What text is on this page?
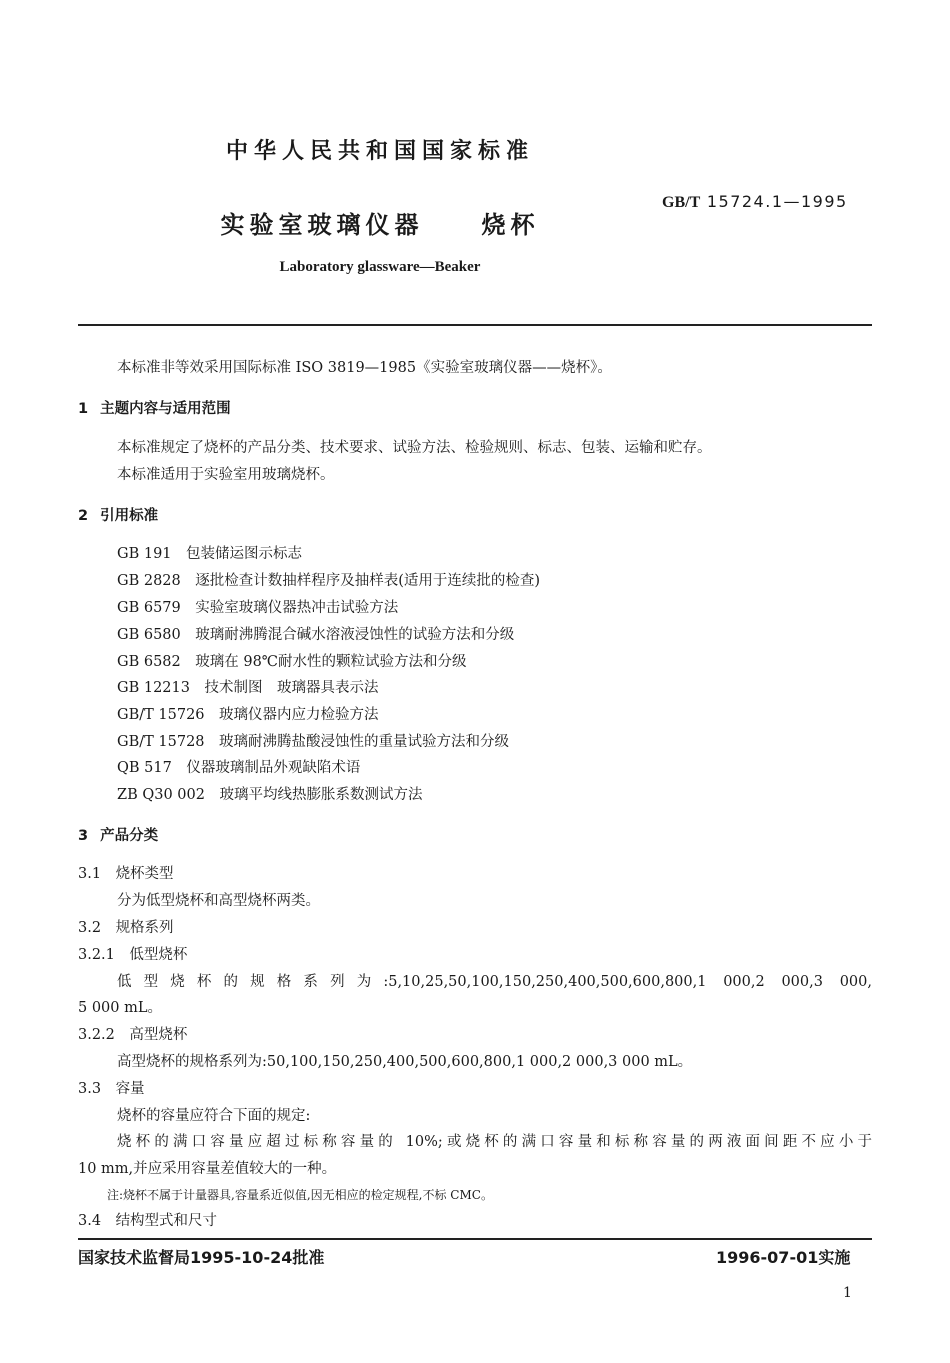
中华人民共和国国家标准
GB/T 15724.1—1995
实验室玻璃仪器　　烧杯
Laboratory glassware—Beaker
本标准非等效采用国际标准 ISO 3819—1985《实验室玻璃仪器——烧杯》。
1 主题内容与适用范围
本标准规定了烧杯的产品分类、技术要求、试验方法、检验规则、标志、包装、运输和贮存。
本标准适用于实验室用玻璃烧杯。
2 引用标准
GB 191　 包装储运图示标志
GB 2828　 逐批检查计数抽样程序及抽样表(适用于连续批的检查)
GB 6579　 实验室玻璃仪器热冲击试验方法
GB 6580　 玻璃耐沸腾混合碱水溶液浸蚀性的试验方法和分级
GB 6582　 玻璃在 98℃耐水性的颗粒试验方法和分级
GB 12213　 技术制图　玻璃器具表示法
GB/T 15726　 玻璃仪器内应力检验方法
GB/T 15728　 玻璃耐沸腾盐酸浸蚀性的重量试验方法和分级
QB 517　 仪器玻璃制品外观缺陷术语
ZB Q30 002　 玻璃平均线热膨胀系数测试方法
3 产品分类
3.1　 烧杯类型
分为低型烧杯和高型烧杯两类。
3.2　 规格系列
3.2.1　 低型烧杯
低型烧杯的规格系列为:5,10,25,50,100,150,250,400,500,600,800,1 000,2 000,3 000,
5 000 mL。
3.2.2　 高型烧杯
高型烧杯的规格系列为:50,100,150,250,400,500,600,800,1 000,2 000,3 000 mL。
3.3　 容量
烧杯的容量应符合下面的规定:
烧杯的满口容量应超过标称容量的 10%;或烧杯的满口容量和标称容量的两液面间距不应小于
10 mm,并应采用容量差值较大的一种。
注:烧杯不属于计量器具,容量系近似值,因无相应的检定规程,不标 CMC。
3.4　 结构型式和尺寸
国家技术监督局1995-10-24批准	1996-07-01实施
1
